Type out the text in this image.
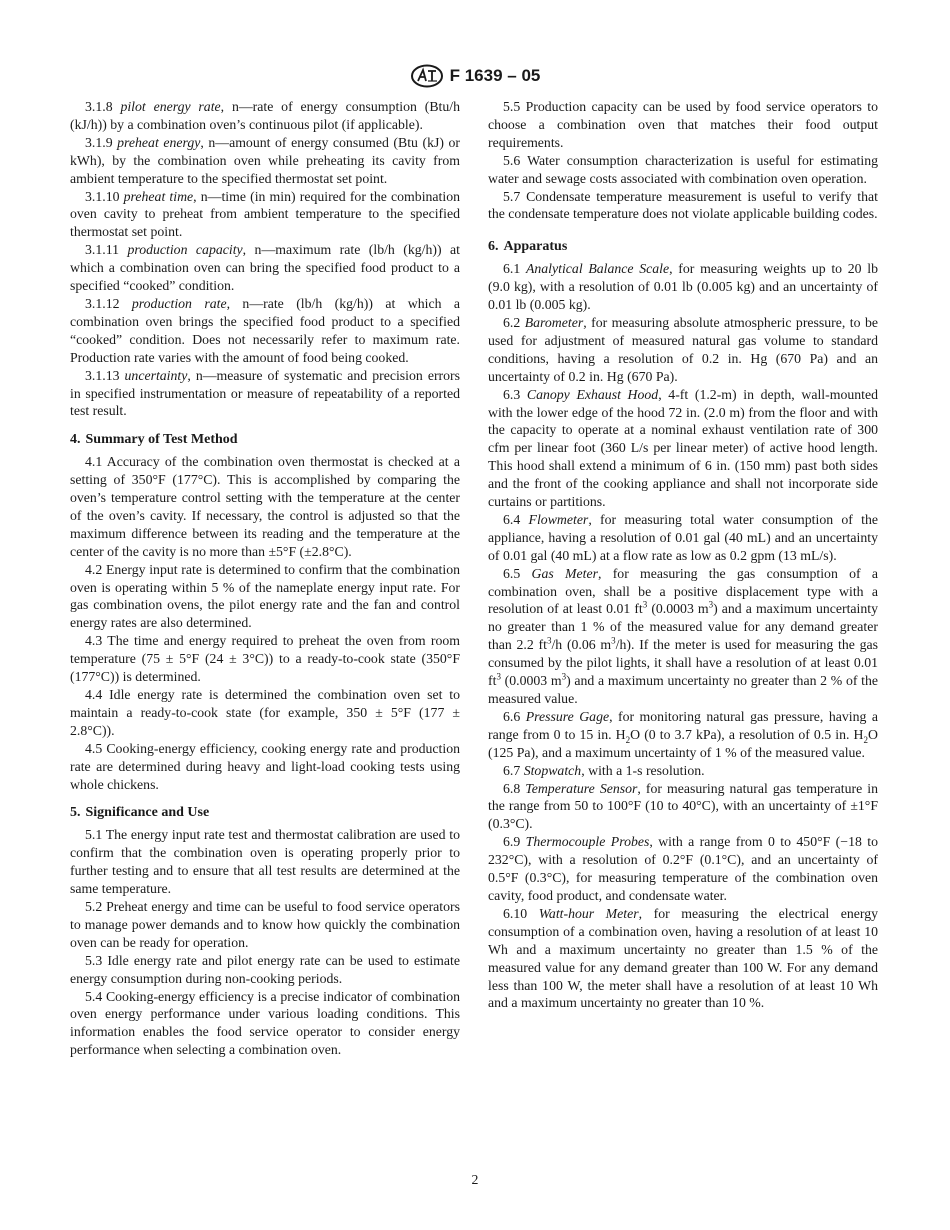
F 1639 – 05

3.1.8 pilot energy rate, n—rate of energy consumption (Btu/h (kJ/h)) by a combination oven’s continuous pilot (if applicable).

3.1.9 preheat energy, n—amount of energy consumed (Btu (kJ) or kWh), by the combination oven while preheating its cavity from ambient temperature to the specified thermostat set point.

3.1.10 preheat time, n—time (in min) required for the combination oven cavity to preheat from ambient temperature to the specified thermostat set point.

3.1.11 production capacity, n—maximum rate (lb/h (kg/h)) at which a combination oven can bring the specified food product to a specified “cooked” condition.

3.1.12 production rate, n—rate (lb/h (kg/h)) at which a combination oven brings the specified food product to a specified “cooked” condition. Does not necessarily refer to maximum rate. Production rate varies with the amount of food being cooked.

3.1.13 uncertainty, n—measure of systematic and precision errors in specified instrumentation or measure of repeatability of a reported test result.

4. Summary of Test Method

4.1 Accuracy of the combination oven thermostat is checked at a setting of 350°F (177°C). This is accomplished by comparing the oven’s temperature control setting with the temperature at the center of the oven’s cavity. If necessary, the control is adjusted so that the maximum difference between its reading and the temperature at the center of the cavity is no more than ±5°F (±2.8°C).

4.2 Energy input rate is determined to confirm that the combination oven is operating within 5 % of the nameplate energy input rate. For gas combination ovens, the pilot energy rate and the fan and control energy rates are also determined.

4.3 The time and energy required to preheat the oven from room temperature (75 ± 5°F (24 ± 3°C)) to a ready-to-cook state (350°F (177°C)) is determined.

4.4 Idle energy rate is determined the combination oven set to maintain a ready-to-cook state (for example, 350 ± 5°F (177 ± 2.8°C)).

4.5 Cooking-energy efficiency, cooking energy rate and production rate are determined during heavy and light-load cooking tests using whole chickens.

5. Significance and Use

5.1 The energy input rate test and thermostat calibration are used to confirm that the combination oven is operating properly prior to further testing and to ensure that all test results are determined at the same temperature.

5.2 Preheat energy and time can be useful to food service operators to manage power demands and to know how quickly the combination oven can be ready for operation.

5.3 Idle energy rate and pilot energy rate can be used to estimate energy consumption during non-cooking periods.

5.4 Cooking-energy efficiency is a precise indicator of combination oven energy performance under various loading conditions. This information enables the food service operator to consider energy performance when selecting a combination oven.

5.5 Production capacity can be used by food service operators to choose a combination oven that matches their food output requirements.

5.6 Water consumption characterization is useful for estimating water and sewage costs associated with combination oven operation.

5.7 Condensate temperature measurement is useful to verify that the condensate temperature does not violate applicable building codes.

6. Apparatus

6.1 Analytical Balance Scale, for measuring weights up to 20 lb (9.0 kg), with a resolution of 0.01 lb (0.005 kg) and an uncertainty of 0.01 lb (0.005 kg).

6.2 Barometer, for measuring absolute atmospheric pressure, to be used for adjustment of measured natural gas volume to standard conditions, having a resolution of 0.2 in. Hg (670 Pa) and an uncertainty of 0.2 in. Hg (670 Pa).

6.3 Canopy Exhaust Hood, 4-ft (1.2-m) in depth, wall-mounted with the lower edge of the hood 72 in. (2.0 m) from the floor and with the capacity to operate at a nominal exhaust ventilation rate of 300 cfm per linear foot (360 L/s per linear meter) of active hood length. This hood shall extend a minimum of 6 in. (150 mm) past both sides and the front of the cooking appliance and shall not incorporate side curtains or partitions.

6.4 Flowmeter, for measuring total water consumption of the appliance, having a resolution of 0.01 gal (40 mL) and an uncertainty of 0.01 gal (40 mL) at a flow rate as low as 0.2 gpm (13 mL/s).

6.5 Gas Meter, for measuring the gas consumption of a combination oven, shall be a positive displacement type with a resolution of at least 0.01 $ft^3$ (0.0003 $m^3$) and a maximum uncertainty no greater than 1 % of the measured value for any demand greater than 2.2 $ft^3/h$ (0.06 $m^3/h$). If the meter is used for measuring the gas consumed by the pilot lights, it shall have a resolution of at least 0.01 $ft^3$ (0.0003 $m^3$) and a maximum uncertainty no greater than 2 % of the measured value.

6.6 Pressure Gage, for monitoring natural gas pressure, having a range from 0 to 15 in. $H_2O$ (0 to 3.7 kPa), a resolution of 0.5 in. $H_2O$ (125 Pa), and a maximum uncertainty of 1 % of the measured value.

6.7 Stopwatch, with a 1-s resolution.

6.8 Temperature Sensor, for measuring natural gas temperature in the range from 50 to 100°F (10 to 40°C), with an uncertainty of ±1°F (0.3°C).

6.9 Thermocouple Probes, with a range from 0 to 450°F (−18 to 232°C), with a resolution of 0.2°F (0.1°C), and an uncertainty of 0.5°F (0.3°C), for measuring temperature of the combination oven cavity, food product, and condensate water.

6.10 Watt-hour Meter, for measuring the electrical energy consumption of a combination oven, having a resolution of at least 10 Wh and a maximum uncertainty no greater than 1.5 % of the measured value for any demand greater than 100 W. For any demand less than 100 W, the meter shall have a resolution of at least 10 Wh and a maximum uncertainty no greater than 10 %.

2
